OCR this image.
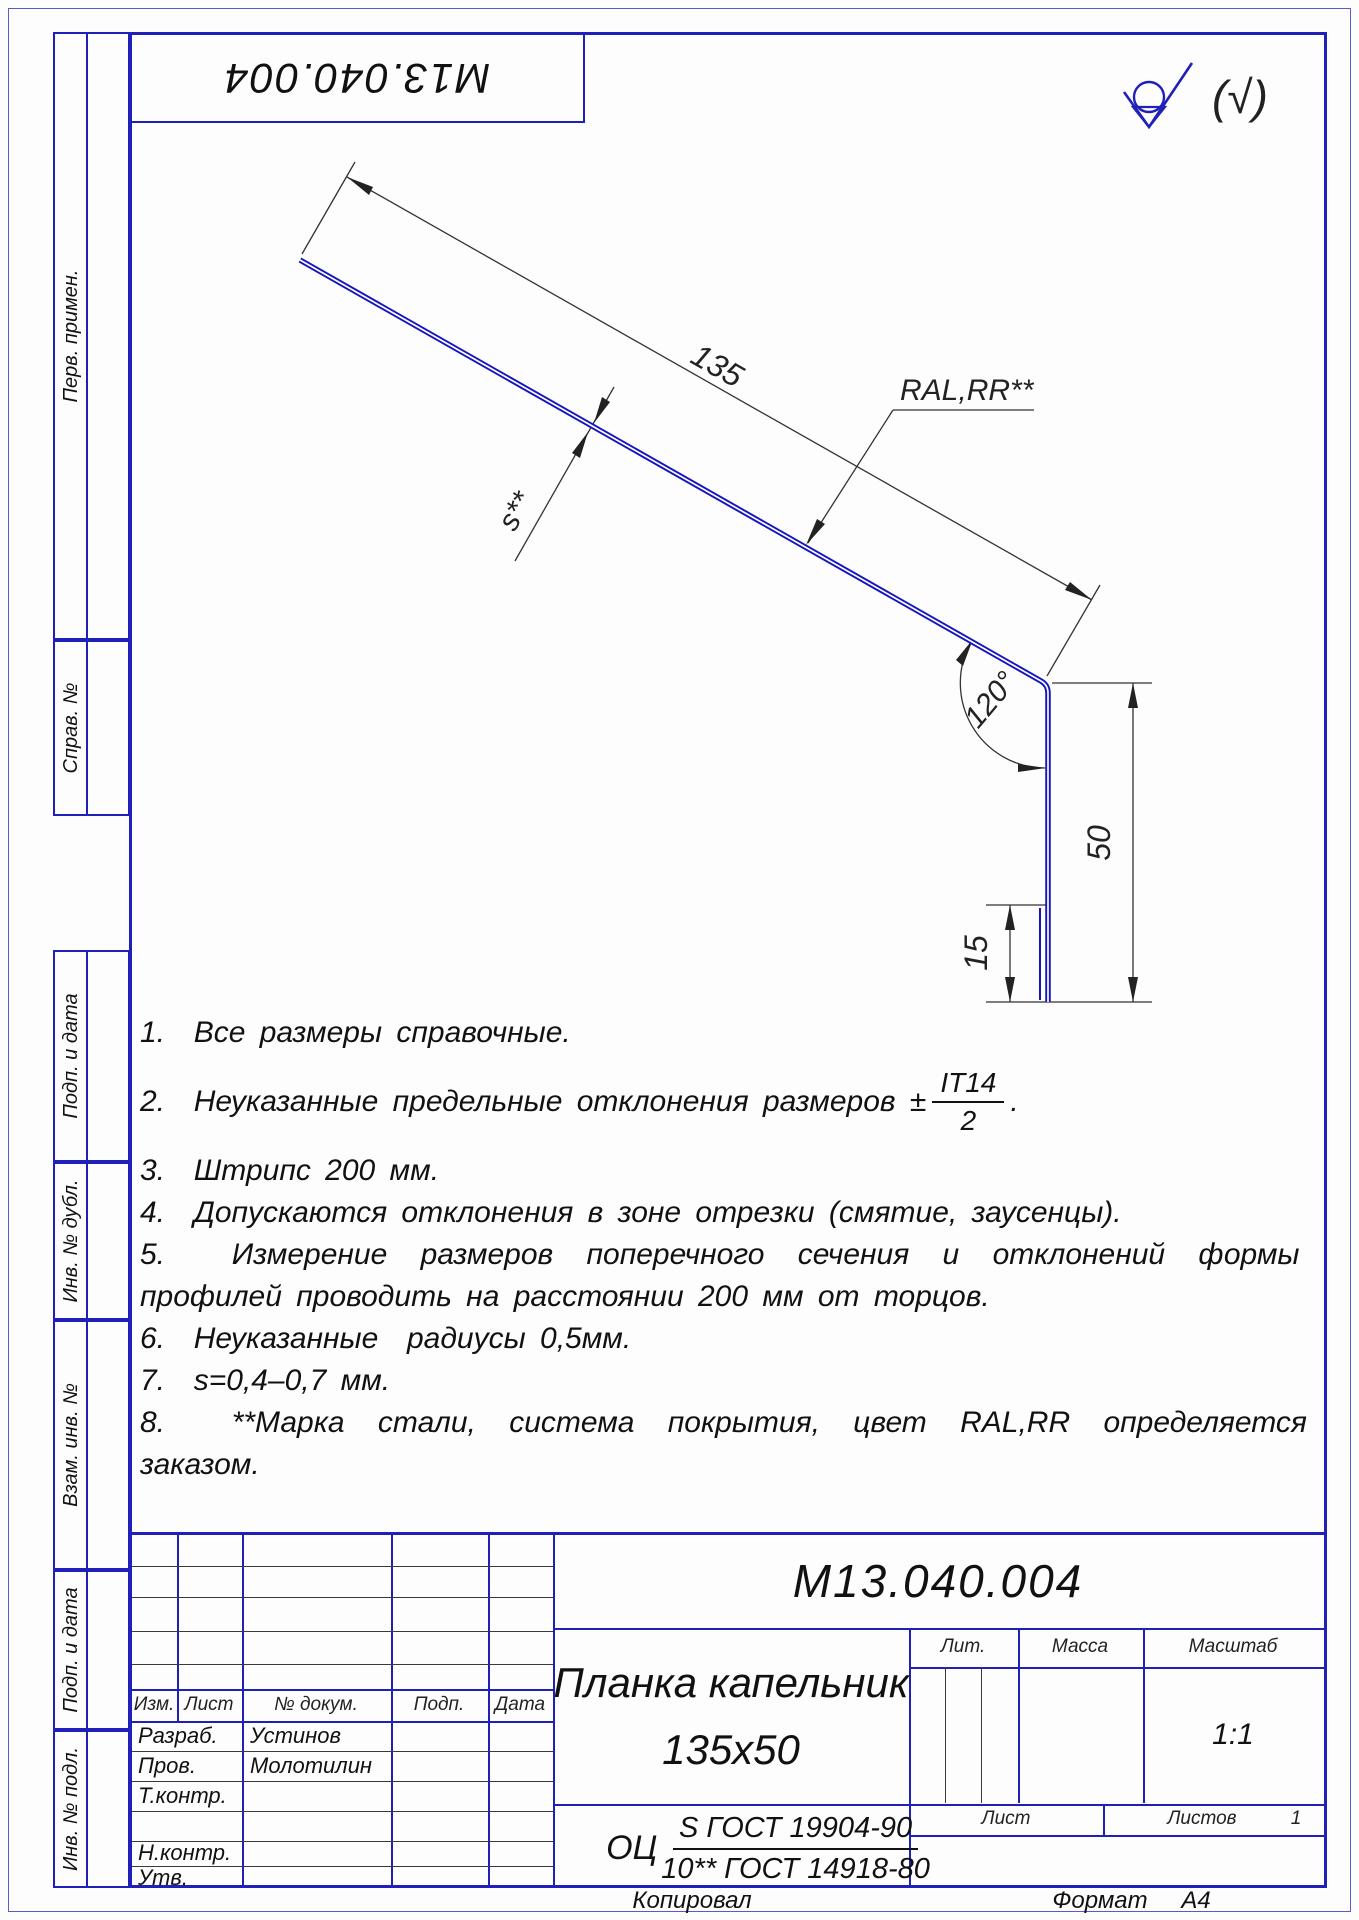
Перв. примен.
Справ. №
Подп. и дата
Инв. № дубл.
Взам. инв. №
Подп. и дата
Инв. № подл.
М13.040.004	(√)
135
s**
RAL,RR**
120°
50
15
1.  Все размеры справочные.
2.  Неуказанные предельные отклонения размеров ± $\frac{IT14}{2}$ .
3.  Штрипс 200 мм.
4.  Допускаются отклонения в зоне отрезки (смятие, заусенцы).
5.  Измерение размеров поперечного сечения и отклонений формы
профилей проводить на расстоянии 200 мм от торцов.
6.  Неуказанные  радиусы 0,5мм.
7.  s=0,4–0,7 мм.
8.  **Марка стали, система покрытия, цвет RAL,RR определяется
заказом.
Изм. Лист № докум.	Подп. Дата
Разраб. Устинов
Пров. Молотилин
Т.контр.
Н.контр.
Утв.
М13.040.004
Планка капельник
135x50
Лит.	Масса	Масштаб
1:1
Лист	Листов	1
ОЦ $\frac{\text{S ГОСТ 19904-90}}{\text{10** ГОСТ 14918-80}}$
Копировал	Формат А4
